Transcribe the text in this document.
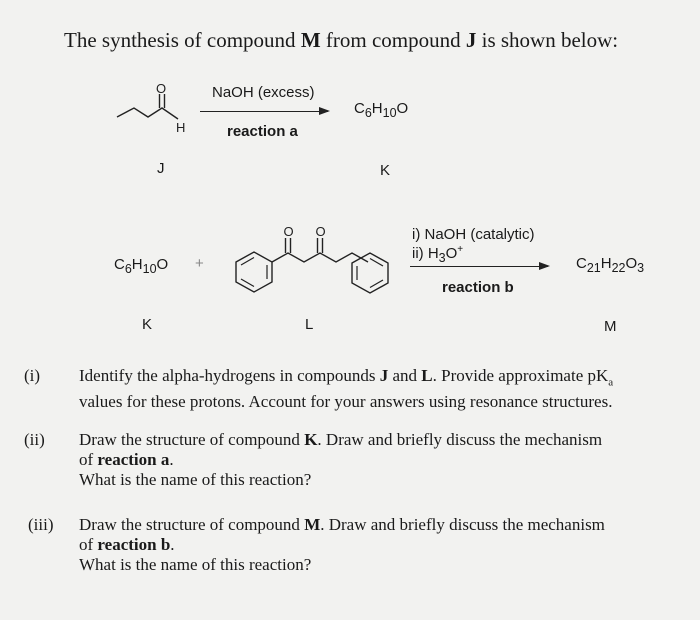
The synthesis of compound M from compound J is shown below:
O
H
NaOH (excess)
reaction a
$C_6H_{10}O$
J	K
$C_6H_{10}O$ +
O O	i) NaOH (catalytic)
ii) $H_3O^+$
reaction b
$C_{21}H_{22}O_3$
K	L	M
(i) Identify the alpha-hydrogens in compounds J and L. Provide approximate $pK_a$

values for these protons. Account for your answers using resonance structures.

(ii) Draw the structure of compound K. Draw and briefly discuss the mechanism

of reaction a.

What is the name of this reaction?

(iii) Draw the structure of compound M. Draw and briefly discuss the mechanism

of reaction b.

What is the name of this reaction?
